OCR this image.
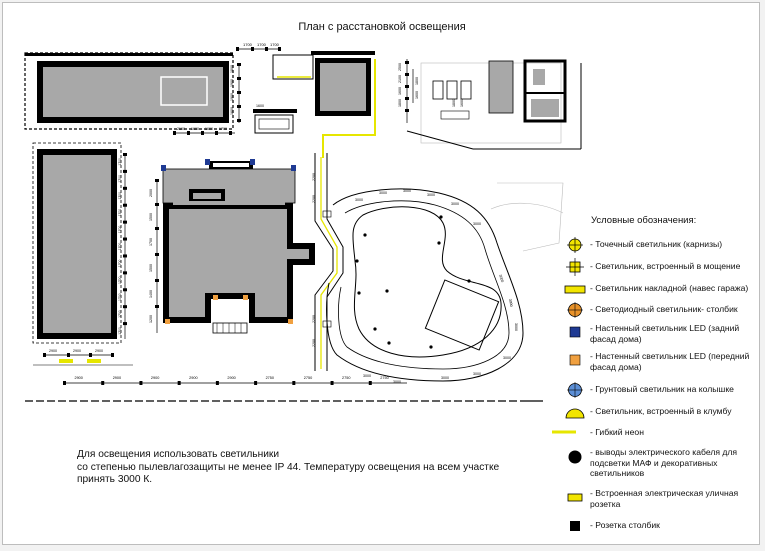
План с расстановкой освещения
1700 1700 1700
1800
1900
1900
1600
2100 1600 1600 1700
1600
2500
2100
1600
1800
1800
1600
1800 1600
1700
1700
1700
1700
1700
1700
1700
1700
1700
1700
1700
2000
1500
1700
1500
1400
1200
2200
2200
2200
2200
3000
3000	3000
3000
3000
3000
3000
3000
3000
3000
3000
3000
3000
3000
2900	2900	2900	2900	2900	2750	2750	2750	2750
2900	2900	2900
Условные обозначения:
- Точечный светильник (карнизы)
- Светильник, встроенный в мощение
- Светильник накладной (навес гаража)
- Светодиодный светильник- столбик
- Настенный светильник LED (задний фасад дома)
- Настенный светильник LED (передний фасад дома)
- Грунтовый светильник на колышке
- Светильник, встроенный в клумбу
- Гибкий неон
- выводы электрического кабеля для подсветки МАФ и декоративных светильников
- Встроенная электрическая уличная розетка
- Розетка столбик
Для освещения использовать светильники
со степенью пылевлагозащиты не менее IP 44. Температуру освещения на всем участке
принять 3000 К.
